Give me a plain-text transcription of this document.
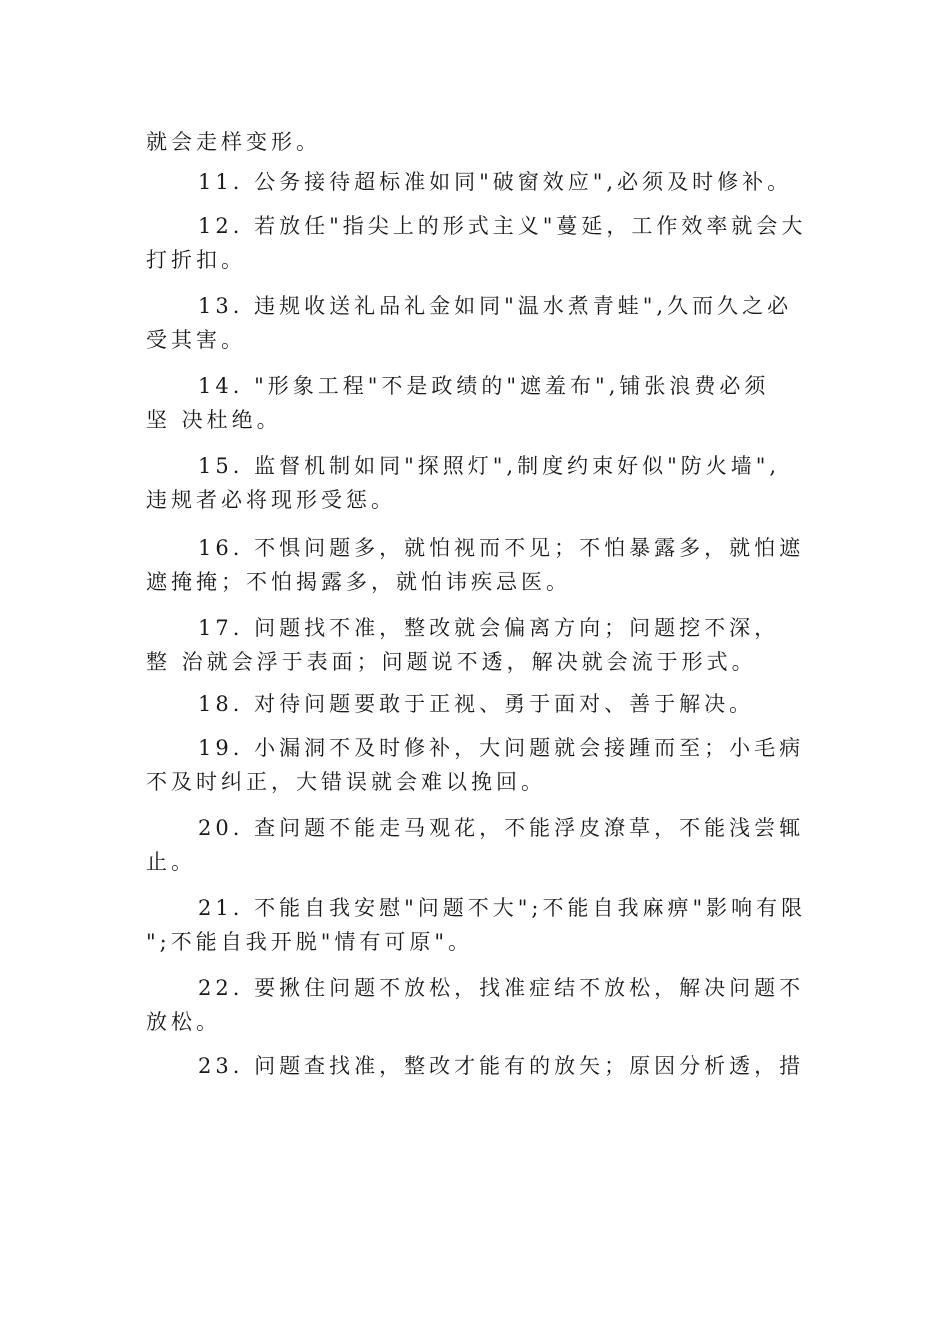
就会走样变形。
11. 公务接待超标准如同"破窗效应",必须及时修补。
12. 若放任"指尖上的形式主义"蔓延，工作效率就会大
打折扣。
13. 违规收送礼品礼金如同"温水煮青蛙",久而久之必
受其害。
14. "形象工程"不是政绩的"遮羞布",铺张浪费必须
坚 决杜绝。
15. 监督机制如同"探照灯",制度约束好似"防火墙",
违规者必将现形受惩。
16. 不惧问题多，就怕视而不见；不怕暴露多，就怕遮
遮掩掩；不怕揭露多，就怕讳疾忌医。
17. 问题找不准，整改就会偏离方向；问题挖不深，
整 治就会浮于表面；问题说不透，解决就会流于形式。
18. 对待问题要敢于正视、勇于面对、善于解决。
19. 小漏洞不及时修补，大问题就会接踵而至；小毛病
不及时纠正，大错误就会难以挽回。
20. 查问题不能走马观花，不能浮皮潦草，不能浅尝辄
止。
21. 不能自我安慰"问题不大";不能自我麻痹"影响有限
";不能自我开脱"情有可原"。
22. 要揪住问题不放松，找准症结不放松，解决问题不
放松。
23. 问题查找准，整改才能有的放矢；原因分析透，措
